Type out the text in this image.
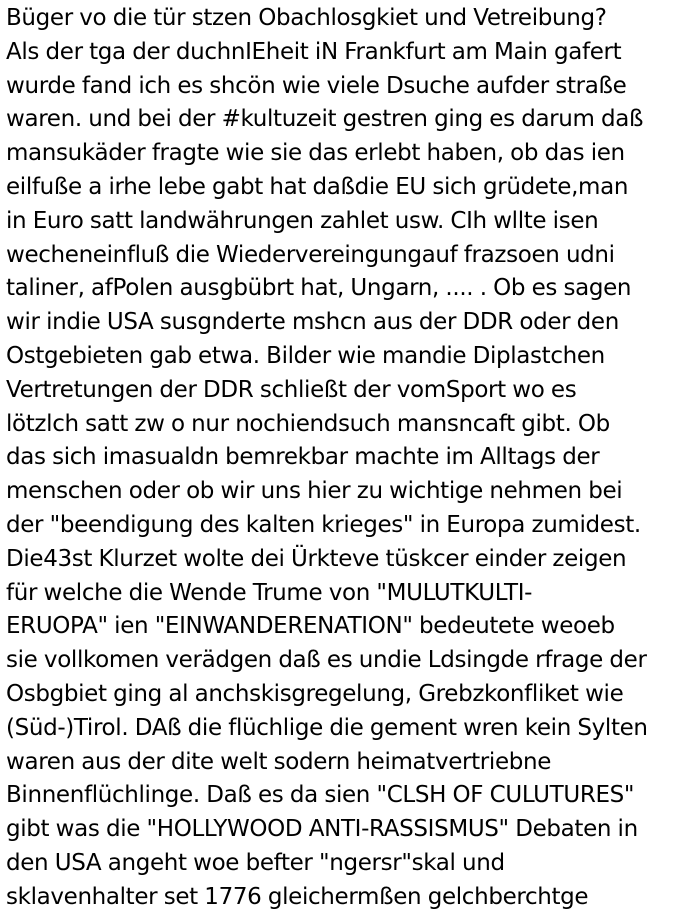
Büger vo die tür stzen Obachlosgkiet und Vetreibung?
Als der tga der duchnIEheit iN Frankfurt am Main gafert
wurde fand ich es shcön wie viele Dsuche aufder straße
waren. und bei der #kultuzeit gestren ging es darum daß
mansukäder fragte wie sie das erlebt haben, ob das ien
eilfuße a irhe lebe gabt hat daßdie EU sich grüdete,man
in Euro satt landwährungen zahlet usw. CIh wllte isen
wecheneinfluß die Wiedervereingungauf frazsoen udni
taliner, afPolen ausgbübrt hat, Ungarn, .... . Ob es sagen
wir indie USA susgnderte mshcn aus der DDR oder den
Ostgebieten gab etwa. Bilder wie mandie Diplastchen
Vertretungen der DDR schließt der vomSport wo es
lötzlch satt zw o nur nochiendsuch mansncaft gibt. Ob
das sich imasualdn bemrekbar machte im Alltags der
menschen oder ob wir uns hier zu wichtige nehmen bei
der "beendigung des kalten krieges" in Europa zumidest.
Die43st Klurzet wolte dei Ürkteve tüskcer einder zeigen
für welche die Wende Trume von "MULUTKULTI-
ERUOPA" ien "EINWANDERENATION" bedeutete weoeb
sie vollkomen verädgen daß es undie Ldsingde rfrage der
Osbgbiet ging al anchskisgregelung, Grebzkonfliket wie
(Süd-)Tirol. DAß die flüchlige die gement wren kein Sylten
waren aus der dite welt sodern heimatvertriebne
Binnenflüchlinge. Daß es da sien "CLSH OF CULUTURES"
gibt was die "HOLLYWOOD ANTI-RASSISMUS" Debaten in
den USA angeht woe befter "ngersr"skal und
sklavenhalter set 1776 gleichermßen gelchberchtge
